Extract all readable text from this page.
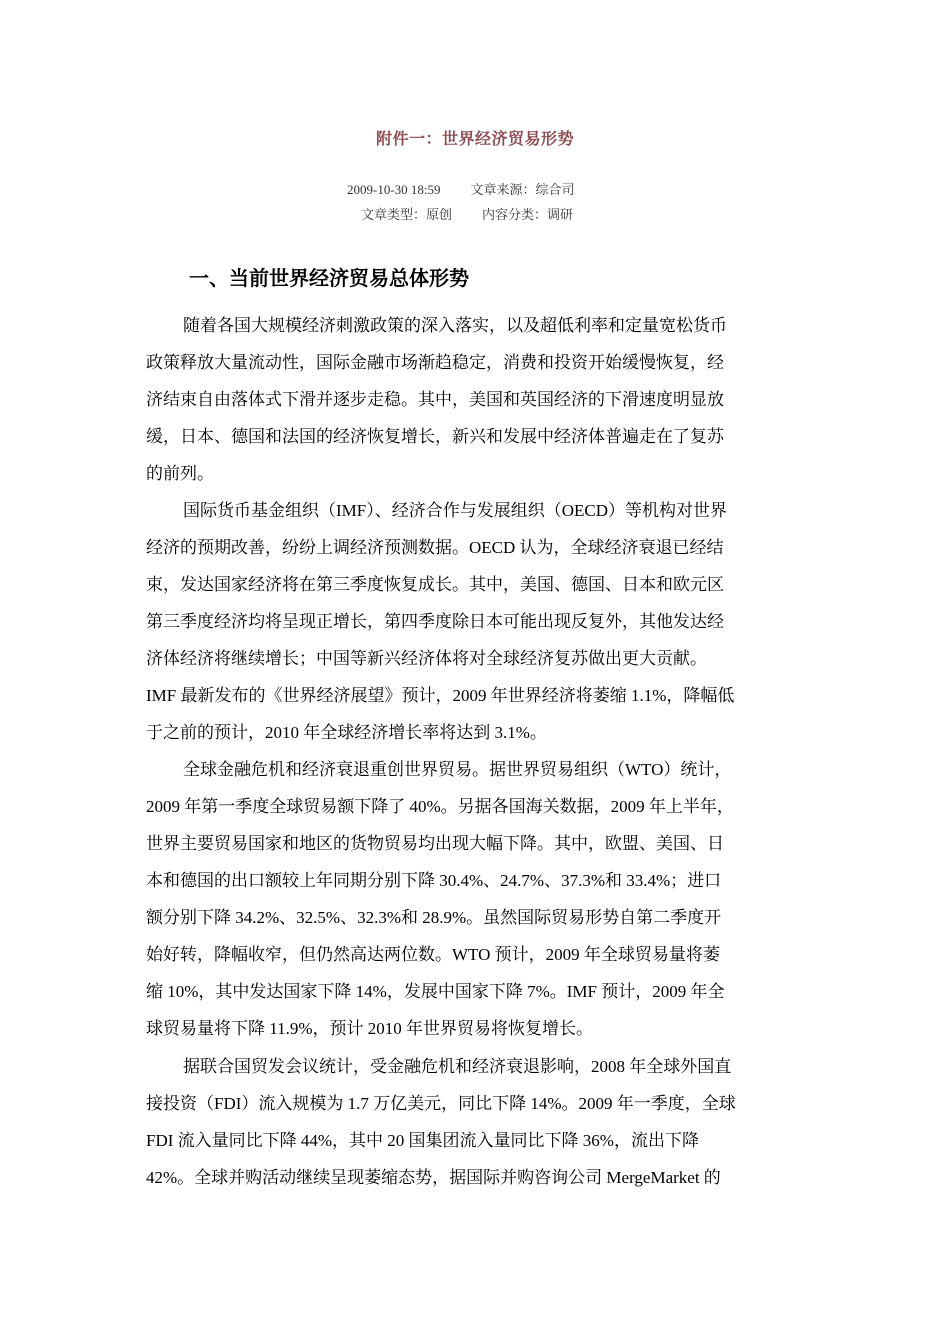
附件一：世界经济贸易形势
2009-10-30 18:59 文章来源：综合司
文章类型：原创 内容分类：调研
一、当前世界经济贸易总体形势
随着各国大规模经济刺激政策的深入落实，以及超低利率和定量宽松货币
政策释放大量流动性，国际金融市场渐趋稳定，消费和投资开始缓慢恢复，经
济结束自由落体式下滑并逐步走稳。其中，美国和英国经济的下滑速度明显放
缓，日本、德国和法国的经济恢复增长，新兴和发展中经济体普遍走在了复苏
的前列。
国际货币基金组织（IMF）、经济合作与发展组织（OECD）等机构对世界
经济的预期改善，纷纷上调经济预测数据。OECD 认为，全球经济衰退已经结
束，发达国家经济将在第三季度恢复成长。其中，美国、德国、日本和欧元区
第三季度经济均将呈现正增长，第四季度除日本可能出现反复外，其他发达经
济体经济将继续增长；中国等新兴经济体将对全球经济复苏做出更大贡献。
IMF 最新发布的《世界经济展望》预计，2009 年世界经济将萎缩 1.1%，降幅低
于之前的预计，2010 年全球经济增长率将达到 3.1%。
全球金融危机和经济衰退重创世界贸易。据世界贸易组织（WTO）统计，
2009 年第一季度全球贸易额下降了 40%。另据各国海关数据，2009 年上半年，
世界主要贸易国家和地区的货物贸易均出现大幅下降。其中，欧盟、美国、日
本和德国的出口额较上年同期分别下降 30.4%、24.7%、37.3%和 33.4%；进口
额分别下降 34.2%、32.5%、32.3%和 28.9%。虽然国际贸易形势自第二季度开
始好转，降幅收窄，但仍然高达两位数。WTO 预计，2009 年全球贸易量将萎
缩 10%，其中发达国家下降 14%，发展中国家下降 7%。IMF 预计，2009 年全
球贸易量将下降 11.9%，预计 2010 年世界贸易将恢复增长。
据联合国贸发会议统计，受金融危机和经济衰退影响，2008 年全球外国直
接投资（FDI）流入规模为 1.7 万亿美元，同比下降 14%。2009 年一季度，全球
FDI 流入量同比下降 44%，其中 20 国集团流入量同比下降 36%，流出下降
42%。全球并购活动继续呈现萎缩态势，据国际并购咨询公司 MergeMarket 的
